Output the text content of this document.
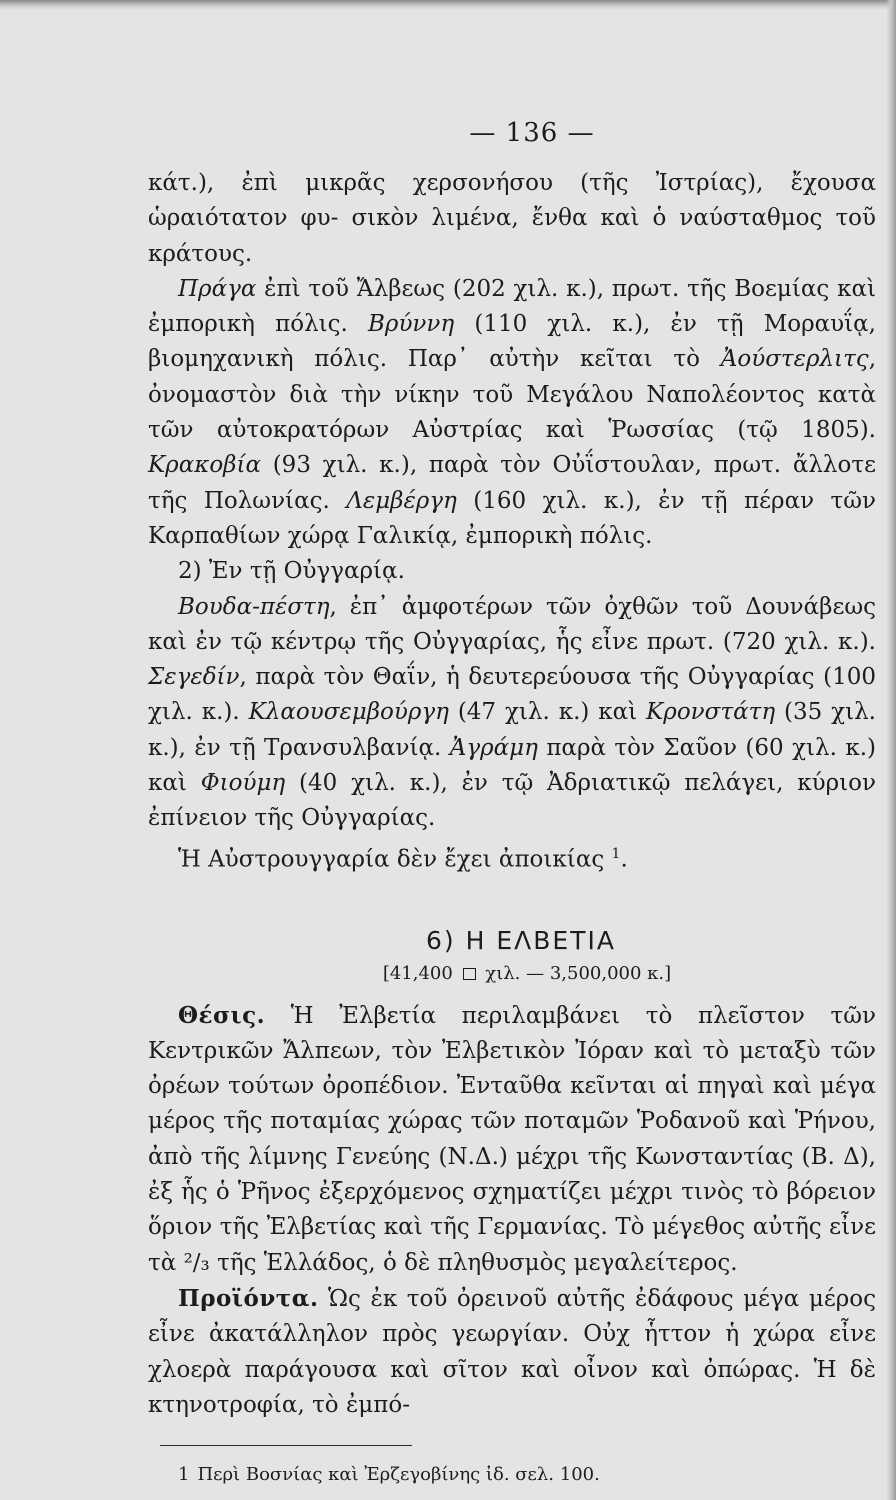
— 136 —

κάτ.), ἐπὶ μικρᾶς χερσονήσου (τῆς Ἰστρίας), ἔχουσα ὡραιότατον φυ- σικὸν λιμένα, ἔνθα καὶ ὁ ναύσταθμος τοῦ κράτους.

Πράγα ἐπὶ τοῦ Ἄλβεως (202 χιλ. κ.), πρωτ. τῆς Βοεμίας καὶ ἐμπορικὴ πόλις. Βρύννη (110 χιλ. κ.), ἐν τῇ Μοραυΐᾳ, βιομηχανικὴ πόλις. Παρ᾽ αὐτὴν κεῖται τὸ Ἀούστερλιτς, ὀνομαστὸν διὰ τὴν νίκην τοῦ Μεγάλου Ναπολέοντος κατὰ τῶν αὐτοκρατόρων Αὐστρίας καὶ Ῥωσσίας (τῷ 1805). Κρακοβία (93 χιλ. κ.), παρὰ τὸν Οὐΐστουλαν, πρωτ. ἄλλοτε τῆς Πολωνίας. Λεμβέργη (160 χιλ. κ.), ἐν τῇ πέραν τῶν Καρπαθίων χώρᾳ Γαλικίᾳ, ἐμπορικὴ πόλις.

2) Ἐν τῇ Οὐγγαρίᾳ.

Βουδα-πέστη, ἐπ᾽ ἀμφοτέρων τῶν ὀχθῶν τοῦ Δουνάβεως καὶ ἐν τῷ κέντρῳ τῆς Οὐγγαρίας, ἧς εἶνε πρωτ. (720 χιλ. κ.). Σεγεδίν, παρὰ τὸν Θαΐν, ἡ δευτερεύουσα τῆς Οὐγγαρίας (100 χιλ. κ.). Κλαουσεμβούργη (47 χιλ. κ.) καὶ Κρονστάτη (35 χιλ. κ.), ἐν τῇ Τρανσυλβανίᾳ. Ἀγράμη παρὰ τὸν Σαῦον (60 χιλ. κ.) καὶ Φιούμη (40 χιλ. κ.), ἐν τῷ Ἀδριατικῷ πελάγει, κύριον ἐπίνειον τῆς Οὐγγαρίας.

Ἡ Αὐστρουγγαρία δὲν ἔχει ἀποικίας $^1$.

6) Η ΕΛΒΕΤΙΑ
[41,400 χιλ. — 3,500,000 κ.]

Θέσις. Ἡ Ἐλβετία περιλαμβάνει τὸ πλεῖστον τῶν Κεντρικῶν Ἄλπεων, τὸν Ἐλβετικὸν Ἰόραν καὶ τὸ μεταξὺ τῶν ὀρέων τούτων ὀροπέδιον. Ἐνταῦθα κεῖνται αἱ πηγαὶ καὶ μέγα μέρος τῆς ποταμίας χώρας τῶν ποταμῶν Ῥοδανοῦ καὶ Ῥήνου, ἀπὸ τῆς λίμνης Γενεύης (Ν.Δ.) μέχρι τῆς Κωνσταντίας (Β. Δ), ἐξ ἧς ὁ Ῥῆνος ἐξερχόμενος σχηματίζει μέχρι τινὸς τὸ βόρειον ὅριον τῆς Ἐλβετίας καὶ τῆς Γερμανίας. Τὸ μέγεθος αὐτῆς εἶνε τὰ ²/₃ τῆς Ἑλλάδος, ὁ δὲ πληθυσμὸς μεγαλείτερος.

Προϊόντα. Ὡς ἐκ τοῦ ὀρεινοῦ αὐτῆς ἐδάφους μέγα μέρος εἶνε ἀκατάλληλον πρὸς γεωργίαν. Οὐχ ἧττον ἡ χώρα εἶνε χλοερὰ παράγουσα καὶ σῖτον καὶ οἶνον καὶ ὀπώρας. Ἡ δὲ κτηνοτροφία, τὸ ἐμπό-

1 Περὶ Βοσνίας καὶ Ἐρζεγοβίνης ἰδ. σελ. 100.
